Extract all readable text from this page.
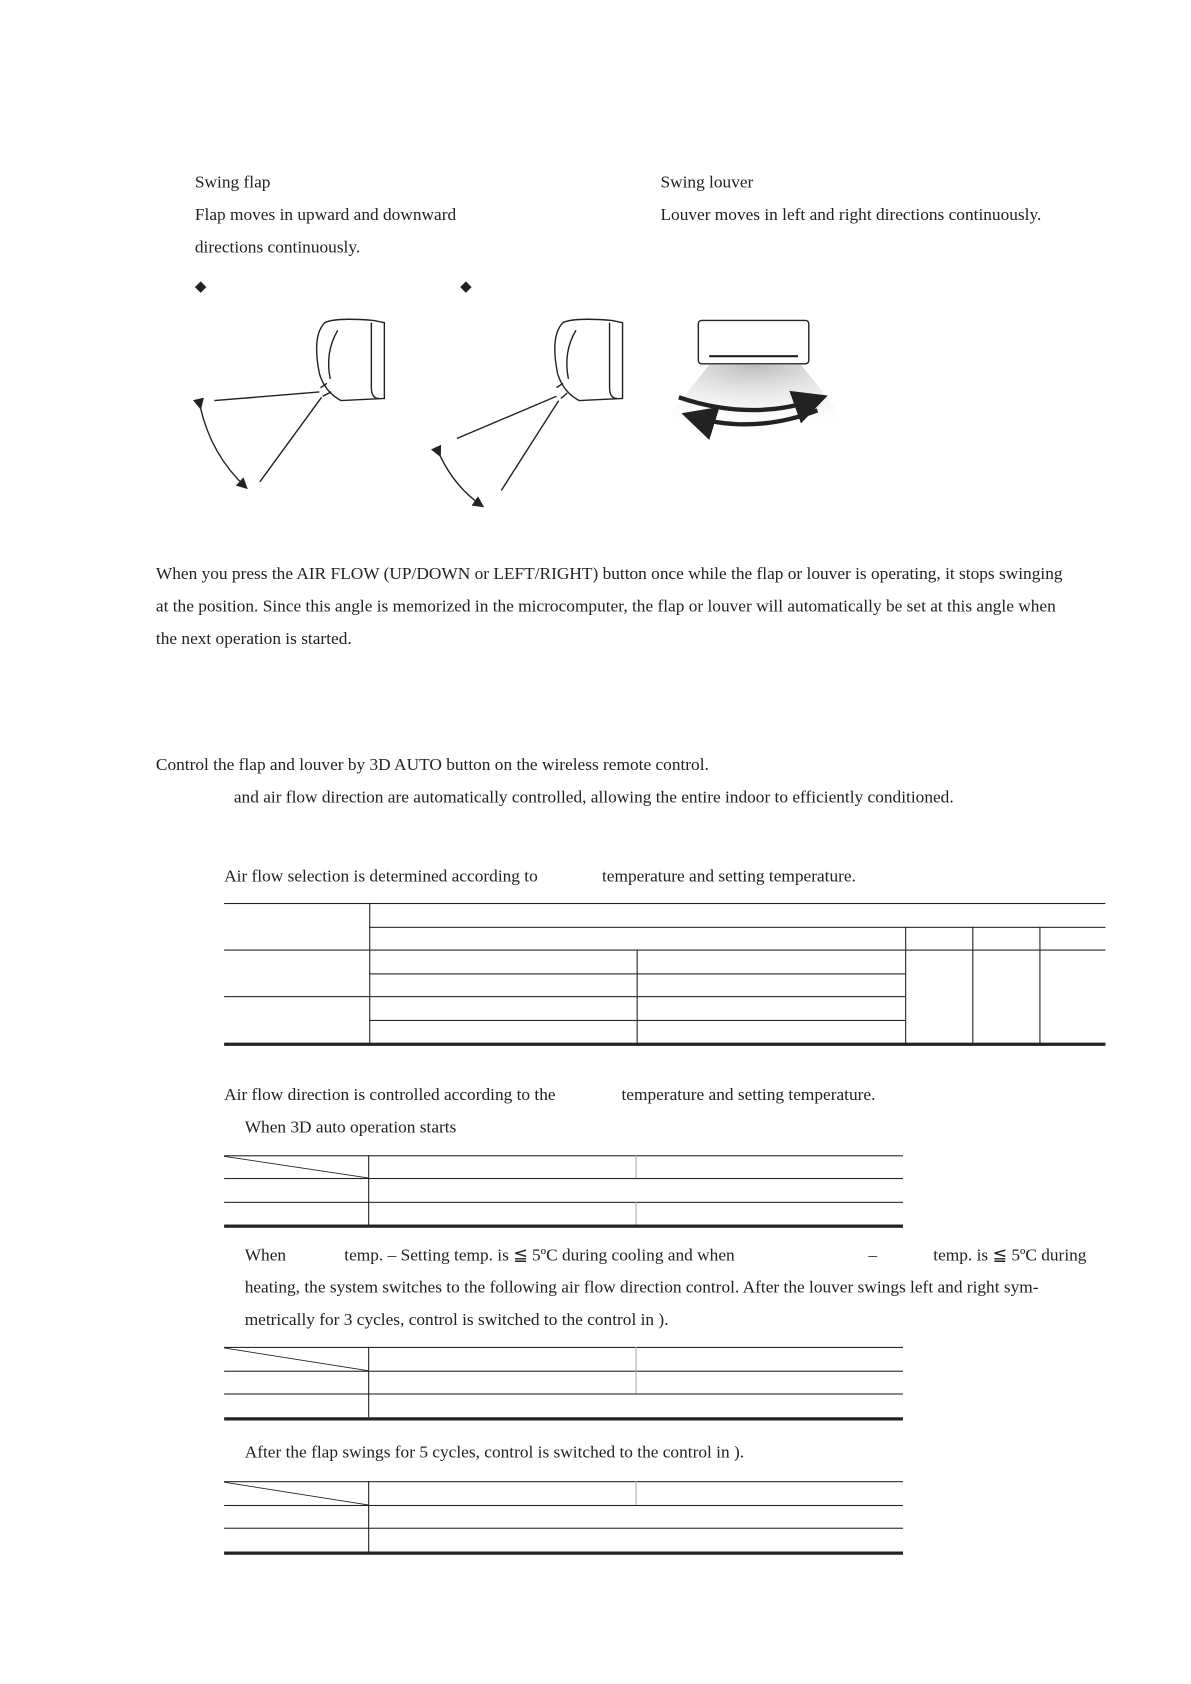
Swing flap
Flap moves in upward and downward
directions continuously.
Swing louver
Louver moves in left and right directions continuously.
◆	◆
When you press the AIR FLOW (UP/DOWN or LEFT/RIGHT) button once while the flap or louver is operating, it stops swinging
at the position. Since this angle is memorized in the microcomputer, the flap or louver will automatically be set at this angle when
the next operation is started.
Control the flap and louver by 3D AUTO button on the wireless remote control.
and air flow direction are automatically controlled, allowing the entire indoor to efficiently conditioned.
Air flow selection is determined according to	temperature and setting temperature.
Air flow direction is controlled according to the	temperature and setting temperature.
When 3D auto operation starts
When	temp. – Setting temp. is ≦ 5ºC during cooling and when	–	temp. is ≦ 5ºC during
heating, the system switches to the following air flow direction control. After the louver swings left and right sym-
metrically for 3 cycles, control is switched to the control in ).
After the flap swings for 5 cycles, control is switched to the control in ).
